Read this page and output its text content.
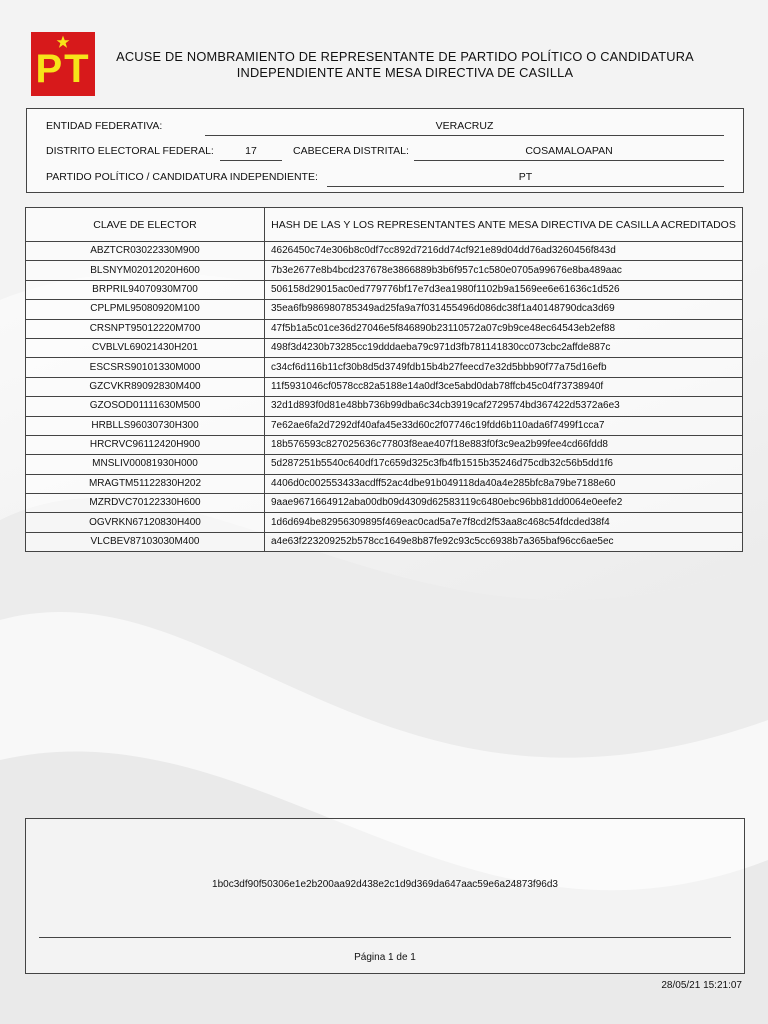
PT	ACUSE DE NOMBRAMIENTO DE REPRESENTANTE DE PARTIDO POLÍTICO O CANDIDATURA
INDEPENDIENTE ANTE MESA DIRECTIVA DE CASILLA
ENTIDAD FEDERATIVA:	VERACRUZ
DISTRITO ELECTORAL FEDERAL:	17	CABECERA DISTRITAL:	COSAMALOAPAN
PARTIDO POLÍTICO / CANDIDATURA INDEPENDIENTE:	PT
CLAVE DE ELECTOR	HASH DE LAS Y LOS REPRESENTANTES ANTE MESA DIRECTIVA DE CASILLA ACREDITADOS
ABZTCR03022330M900	4626450c74e306b8c0df7cc892d7216dd74cf921e89d04dd76ad3260456f843d
BLSNYM02012020H600	7b3e2677e8b4bcd237678e3866889b3b6f957c1c580e0705a99676e8ba489aac
BRPRIL94070930M700	506158d29015ac0ed779776bf17e7d3ea1980f1102b9a1569ee6e61636c1d526
CPLPML95080920M100	35ea6fb986980785349ad25fa9a7f031455496d086dc38f1a40148790dca3d69
CRSNPT95012220M700	47f5b1a5c01ce36d27046e5f846890b23110572a07c9b9ce48ec64543eb2ef88
CVBLVL69021430H201	498f3d4230b73285cc19dddaeba79c971d3fb781141830cc073cbc2affde887c
ESCSRS90101330M000	c34cf6d116b11cf30b8d5d3749fdb15b4b27feecd7e32d5bbb90f77a75d16efb
GZCVKR89092830M400	11f5931046cf0578cc82a5188e14a0df3ce5abd0dab78ffcb45c04f73738940f
GZOSOD01111630M500	32d1d893f0d81e48bb736b99dba6c34cb3919caf2729574bd367422d5372a6e3
HRBLLS96030730H300	7e62ae6fa2d7292df40afa45e33d60c2f07746c19fdd6b110ada6f7499f1cca7
HRCRVC96112420H900	18b576593c827025636c77803f8eae407f18e883f0f3c9ea2b99fee4cd66fdd8
MNSLIV00081930H000	5d287251b5540c640df17c659d325c3fb4fb1515b35246d75cdb32c56b5dd1f6
MRAGTM51122830H202	4406d0c002553433acdff52ac4dbe91b049118da40a4e285bfc8a79be7188e60
MZRDVC70122330H600	9aae9671664912aba00db09d4309d62583119c6480ebc96bb81dd0064e0eefe2
OGVRKN67120830H400	1d6d694be82956309895f469eac0cad5a7e7f8cd2f53aa8c468c54fdcded38f4
VLCBEV87103030M400	a4e63f223209252b578cc1649e8b87fe92c93c5cc6938b7a365baf96cc6ae5ec
1b0c3df90f50306e1e2b200aa92d438e2c1d9d369da647aac59e6a24873f96d3
Página 1 de 1
28/05/21 15:21:07
